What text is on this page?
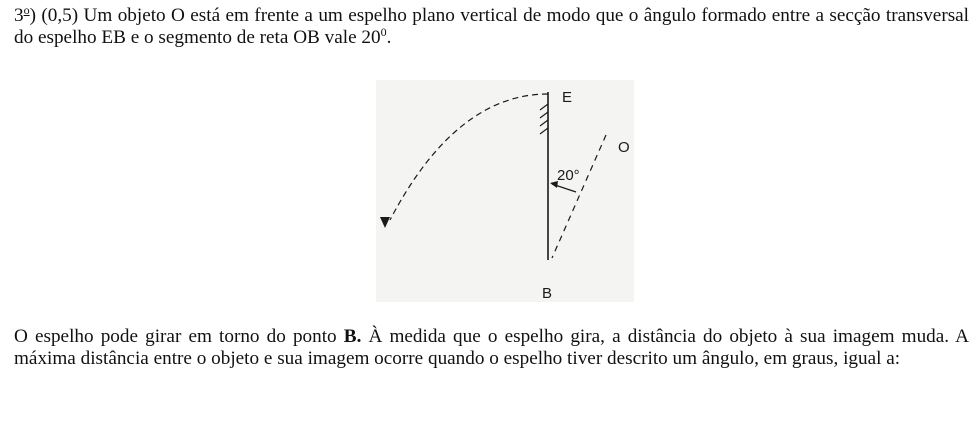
3$^o$) (0,5) Um objeto O está em frente a um espelho plano vertical de modo que o ângulo formado entre a secção transversal do espelho EB e o segmento de reta OB vale $20^0$.

E
O
B
20°

O espelho pode girar em torno do ponto B. À medida que o espelho gira, a distância do objeto à sua imagem muda. A máxima distância entre o objeto e sua imagem ocorre quando o espelho tiver descrito um ângulo, em graus, igual a:
